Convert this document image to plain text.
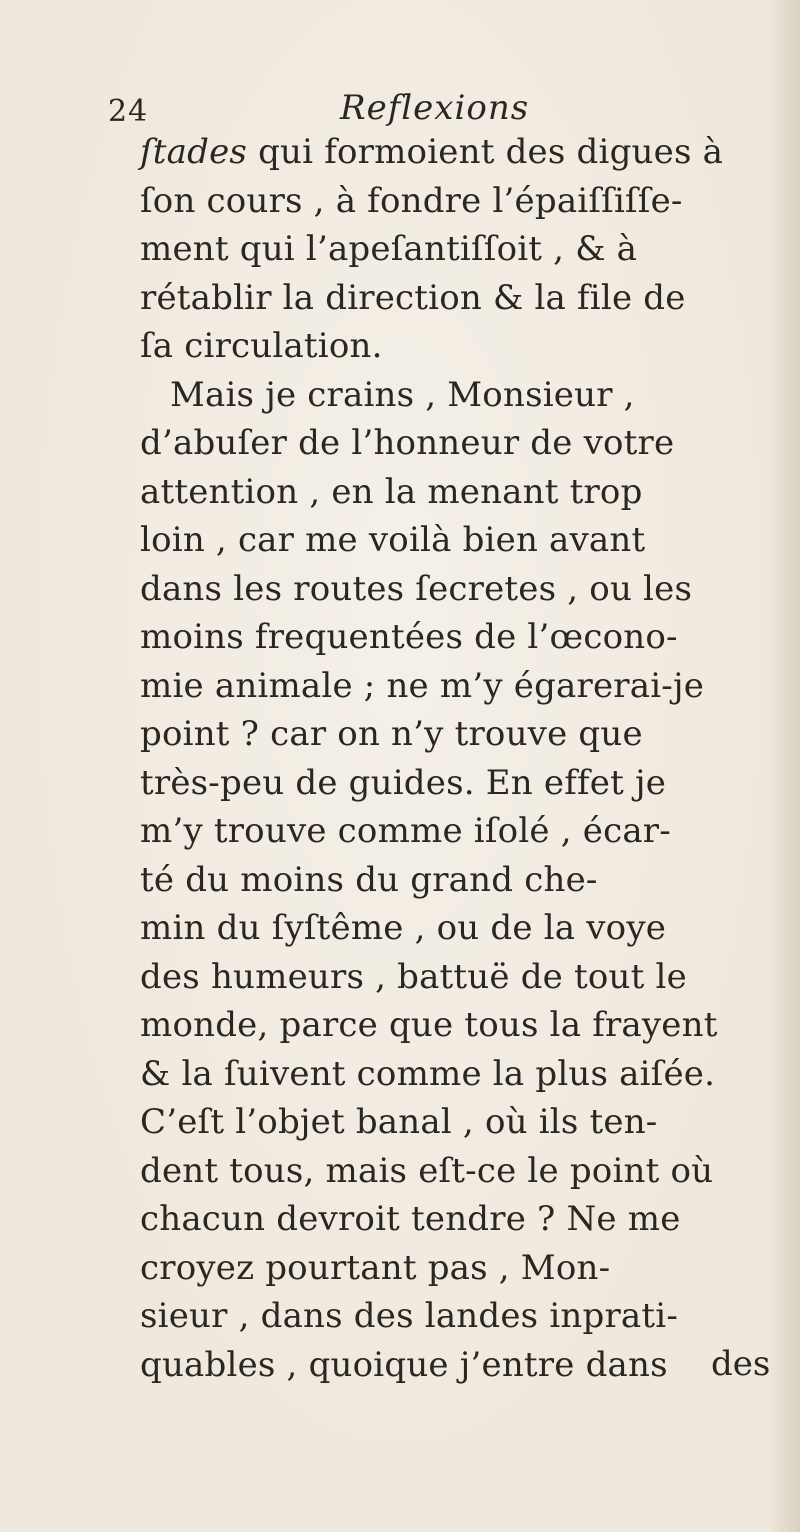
24	Reflexions
ſtades qui formoient des digues à
ſon cours , à fondre l’épaiſſiſſe-
ment qui l’apeſantiſſoit , & à
rétablir la direction & la file de
ſa circulation.
Mais je crains , Monsieur ,
d’abuſer de l’honneur de votre
attention , en la menant trop
loin , car me voilà bien avant
dans les routes ſecretes , ou les
moins frequentées de l’œcono-
mie animale ; ne m’y égarerai-je
point ? car on n’y trouve que
très-peu de guides. En effet je
m’y trouve comme iſolé , écar-
té du moins du grand che-
min du ſyſtême , ou de la voye
des humeurs , battuë de tout le
monde, parce que tous la frayent
& la ſuivent comme la plus aiſée.
C’eſt l’objet banal , où ils ten-
dent tous, mais eſt-ce le point où
chacun devroit tendre ? Ne me
croyez pourtant pas , Mon-
sieur , dans des landes inprati-
quables , quoique j’entre dans	des
